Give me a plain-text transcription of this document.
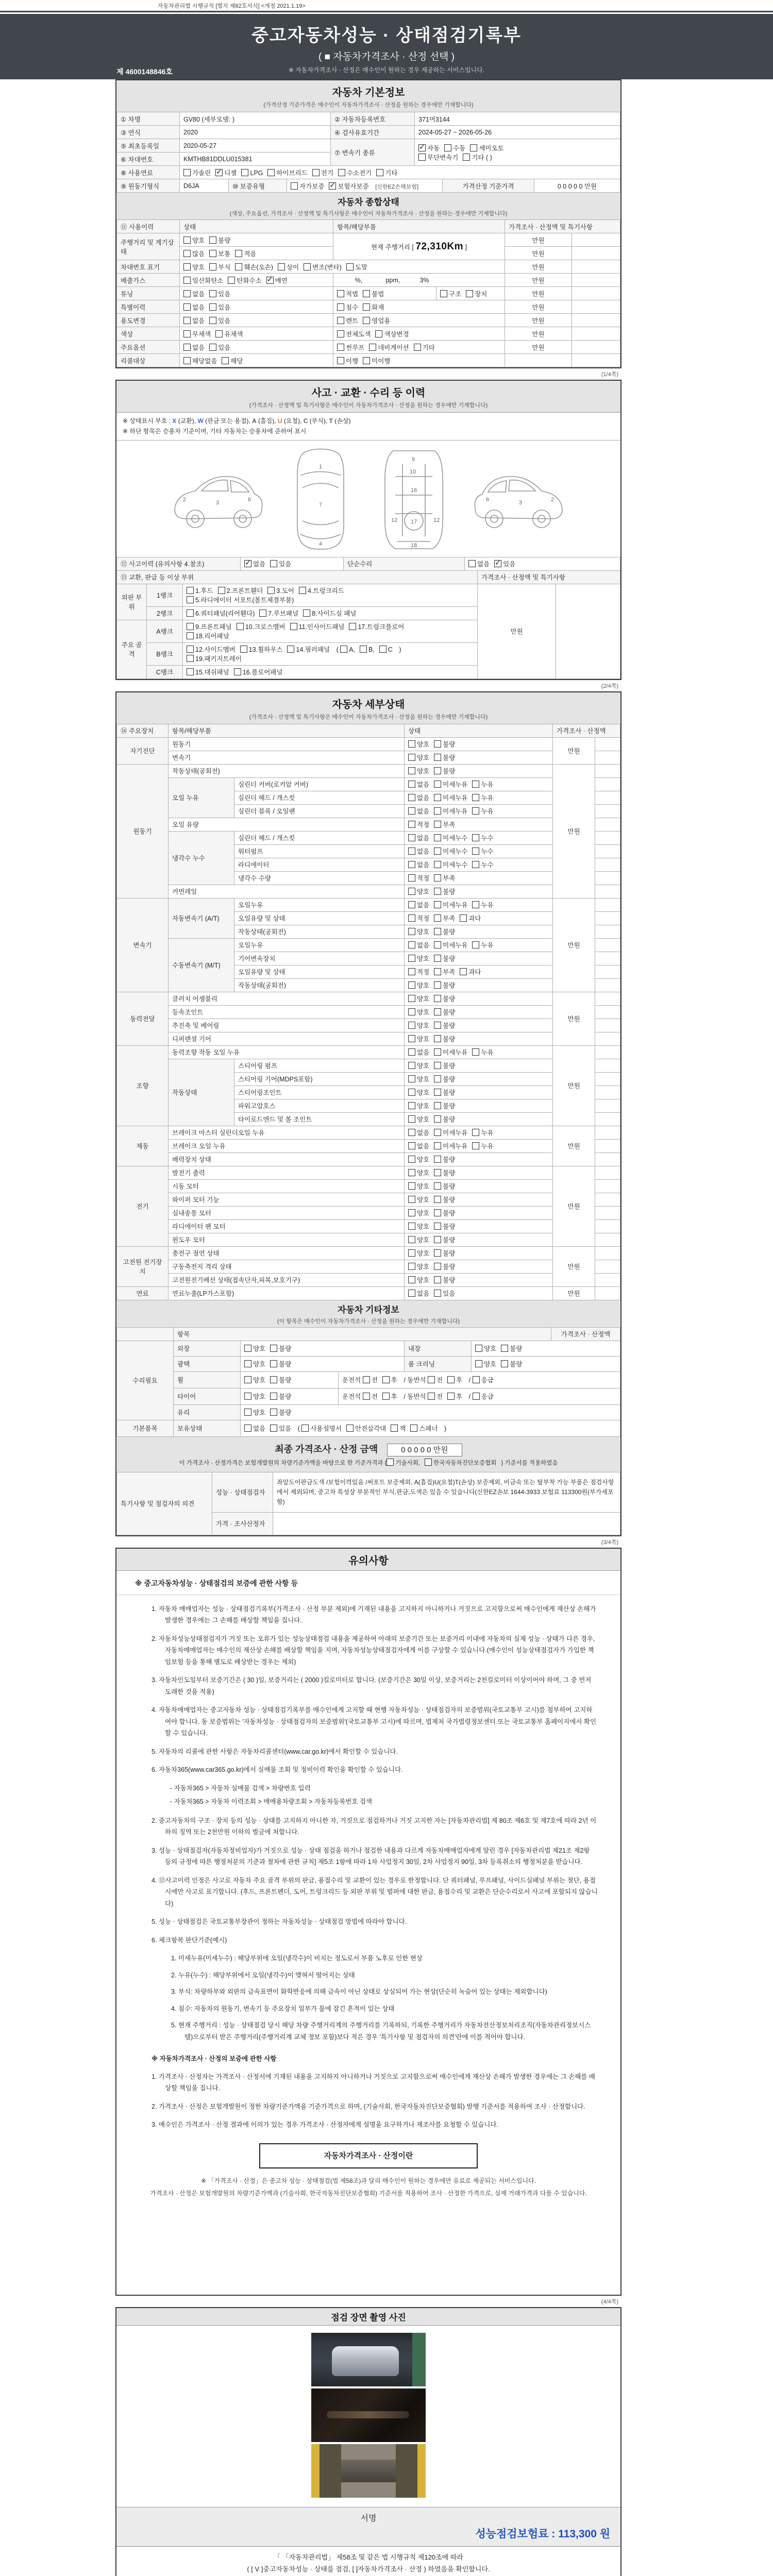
자동차관리법 시행규칙 [별지 제82호서식] <개정 2021.1.19>
중고자동차성능 · 상태점검기록부
( ■ 자동차가격조사 · 산정 선택 )
※ 자동차가격조사 · 산정은 매수인이 원하는 경우 제공하는 서비스입니다.
제 4600148846호
자동차 기본정보
(가격산정 기준가격은 매수인이 자동차가격조사 · 산정을 원하는 경우에만 기재합니다)
① 차명	GV80 (세부모델: )	② 자동차등록번호	371머3144
③ 연식	2020	④ 검사유효기간	2024-05-27 ~ 2026-05-26
⑤ 최초등록일	2020-05-27	⑦ 변속기 종류	
✓자동 수동 세미오토
무단변속기 기타 ( )

⑥ 차대번호	KMTHB81DDLU015381		
⑧ 사용연료	가솔린 ✓ 디젤 LPG 하이브리드 전기 수소전기 기타
⑨ 원동기형식	D6JA	⑩ 보증유형	자가보증 ✓ 보험사보증 [신한EZ손해보험]	가격산정 기준가격	0 0 0 0 0 만원
자동차 종합상태
(색상, 주요옵션, 가격조사 · 산정액 및 특기사항은 매수인이 자동차가격조사 · 산정을 원하는 경우에만 기재합니다)
⑪ 사용이력	상태	항목/해당부품		가격조사 · 산정액 및 특기사항	
주행거리 및 계기상태	양호 불량	현재 주행거리 [ 72,310Km ]		만원	
	많음 보통 적음			만원	
차대번호 표기	양호 부식 훼손(오손) 상이 변조(변타) 도말			만원	
배출가스	일산화탄소 탄화수소 ✓ 매연	%,             ppm,           3%		만원	
튜닝	없음 있음	적법 불법	구조 장치	만원	
특별이력	없음 있음	침수 화재		만원	
용도변경	없음 있음	렌트 영업용		만원	
색상	무채색 유채색	전체도색 색상변경		만원	
주요옵션	없음 있음	썬루프 네비게이션 기타		만원	
리콜대상	해당없음 해당	이행 미이행			
(1/4쪽)
사고 · 교환 · 수리 등 이력
(가격조사 · 산정액 및 특기사항은 매수인이 자동차가격조사 · 산정을 원하는 경우에만 기재합니다)
※ 상태표시 부호 : X (교환), W (판금 또는 용접), A (흠집), U (요철), C (부식), T (손상)
※ 하단 항목은 승용차 기준이며, 기타 자동차는 승용차에 준하여 표시
2	3	6
1
7
4
9
10
16
12 17	12
18
6	3	2
⑫ 사고이력 (유의사항 4.참조)	✓없음 있음	단순수리	없음 ✓ 있음
⑬ 교환, 판금 등 이상 부위			가격조사 · 산정액 및 특기사항	
외판 부위	1랭크	1.후드 2.프론트휀더 3.도어 4.트렁크리드
5.라디에이터 서포트(볼트체결부품)	만원	
	2랭크	6.쿼터패널(리어휀다) 7.루브패널 8.사이드실 패널		
주요 골격	A랭크	9.프론트패널 10.크로스멤버 11.인사이드패널 17.트렁크플로어
18.리어패널		

	B랭크	12.사이드멤버 13.휠하우스 14.필러패널 ( A, B, C )
19.패키지트레이		

	C랭크	15.대쉬패널 16.플로어패널		
(2/4쪽)
자동차 세부상태
(가격조사 · 산정액 및 특기사항은 매수인이 자동차가격조사 · 산정을 원하는 경우에만 기재합니다)
⑭ 주요장치	항목/해당부품		상태	가격조사 · 산정액	
자기진단	원동기		양호 불량	만원	
	변속기		양호 불량		
원동기	작동상태(공회전)		양호 불량	만원	
	오일 누유	실린더 커버(로커암 커버)	없음 미세누유 누유		
		실린더 헤드 / 개스킷	없음 미세누유 누유		
		실린더 블록 / 오일팬	없음 미세누유 누유		
	오일 유량		적정 부족		
	냉각수 누수	실린더 헤드 / 개스킷	없음 미세누수 누수		
		워터펌프	없음 미세누수 누수		
		라디에이터	없음 미세누수 누수		
		냉각수 수량	적정 부족		
	커먼레일		양호 불량		
변속기	자동변속기 (A/T)	오일누유	없음 미세누유 누유	만원	
		오일유량 및 상태	적정 부족 과다		
		작동상태(공회전)	양호 불량		
	수동변속기 (M/T)	오일누유	없음 미세누유 누유		
		기어변속장치	양호 불량		
		오일유량 및 상태	적정 부족 과다		
		작동상태(공회전)	양호 불량		
동력전달	클러치 어셈블리		양호 불량	만원	
	등속조인트		양호 불량		
	추진축 및 베어링		양호 불량		
	디퍼렌셜 기어		양호 불량		
조향	동력조향 작동 오일 누유		없음 미세누유 누유	만원	
	작동상태	스티어링 펌프	양호 불량		
		스티어링 기어(MDPS포함)	양호 불량		
		스티어링조인트	양호 불량		
		파워고압호스	양호 불량		
		타이로드엔드 및 볼 조인트	양호 불량		
제동	브레이크 마스터 실린더오일 누유		없음 미세누유 누유	만원	
	브레이크 오일 누유		없음 미세누유 누유		
	배력장치 상태		양호 불량		
전기	발전기 출력		양호 불량	만원	
	시동 모터		양호 불량		
	와이퍼 모터 기능		양호 불량		
	실내송풍 모터		양호 불량		
	라디에이터 팬 모터		양호 불량		
	윈도우 모터		양호 불량		
고전원 전기장치	충전구 절연 상태		양호 불량	만원	
	구동축전지 격리 상태		양호 불량		
	고전원전기배선 상태(접속단자,피복,보호기구)		양호 불량		
연료	연료누출(LP가스포함)		없음 있음	만원	
자동차 기타정보
(이 항목은 매수인이 자동차가격조사 · 산정을 원하는 경우에만 기재합니다)
	항목					가격조사 · 산정액
수리필요	외장	양호 불량		내장	양호 불량	
	광택	양호 불량		룸 크리닝	양호 불량	
	휠	양호 불량	운전석 전 후 / 동반석 전 후 / 응급			
	타이어	양호 불량	운전석 전 후 / 동반석 전 후 / 응급			
	유리	양호 불량				
기본품목	보유상태	없음 있음 ( 사용설명서 안전삼각대 잭 스패너 )				
최종 가격조사 · 산정 금액	0 0 0 0 0 만원
이 가격조사 · 산정가격은 보험개발원의 차량기준가액을 바탕으로 한 기준가격과 ( 기술사회, 한국자동차진단보증협회 ) 기준서를 적용하였음
특기사항 및 점검자의 의견	성능 · 상태점검자	좌앞도어판금도색 /보험이력있음 /써포트 보증제외, A(흠집)U(요철)T(손상) 보증제외, 비금속 또는 탈부착 가능 부품은 점검사항에서 제외되며, 중고차 특성상 부분적인 부식,판금,도색은 있을 수 있습니다(신한EZ손보 1644-3933 보험료 113300원(부가세포함)
	가격 · 조사산정자	
(3/4쪽)
유의사항
※ 중고자동차성능 · 상태점검의 보증에 관한 사항 등
1. 자동차 매매업자는 성능 · 상태점검기록부(가격조사 · 산정 부분 제외)에 기재된 내용을 고지하지 아니하거나 거짓으로 고지함으로써 매수인에게 재산상 손해가 발생한 경우에는 그 손해를 배상할 책임을 집니다.
2. 자동차성능상태점검자가 거짓 또는 오류가 있는 성능상태점검 내용을 제공하여 아래의 보증기간 또는 보증거리 이내에 자동차의 실제 성능 · 상태가 다른 경우, 자동차매매업자는 매수인의 재산상 손해를 배상할 책임을 지며, 자동차성능상태점검자에게 이를 구상할 수 있습니다.(매수인이 성능상태점검자가 가입한 책임보험 등을 통해 별도로 배상받는 경우는 제외)
3. 자동차인도일부터 보증기간은 ( 30 )일, 보증거리는 ( 2000 )킬로미터로 합니다. (보증기간은 30일 이상, 보증거리는 2천킬로미터 이상이어야 하며, 그 중 먼저 도래한 것을 적용)
4. 자동차매매업자는 중고자동차 성능 · 상태점검기록부를 매수인에게 고지할 때 현행 자동차성능 · 상태점검자의 보증범위(국토교통부 고시)를 첨부하여 고지하여야 합니다. 동 보증범위는 '자동차성능 · 상태점검자의 보증범위'(국토교통부 고시)에 따르며, 법제처 국가법령정보센터 또는 국토교통부 홈페이지에서 확인할 수 있습니다.
5. 자동차의 리콜에 관한 사항은 자동차리콜센터(www.car.go.kr)에서 확인할 수 있습니다.
6. 자동차365(www.car365.go.kr)에서 실매물 조회 및 정비이력 확인을 확인할 수 있습니다.
- 자동차365 > 자동차 실매물 검색 > 차량번호 입력
- 자동차365 > 자동차 이력조회 > 매매용차량조회 > 자동차등록번호 검색
2. 중고자동차의 구조 · 장치 등의 성능 · 상태를 고지하지 아니한 자, 거짓으로 점검하거나 거짓 고지한 자는 [자동차관리법] 제 80조 제6호 및 제7호에 따라 2년 이하의 징역 또는 2천만원 이하의 벌금에 처합니다.
3. 성능 · 상태점검자(자동차정비업자)가 거짓으로 성능 · 상태 점검을 하거나 점검한 내용과 다르게 자동차매매업자에게 알린 경우 [자동차관리법 제21조 제2항 등의 규정에 따른 행정처분의 기준과 절차에 관한 규칙] 제5조 1항에 따라 1차 사업정지 30일, 2차 사업정지 90일, 3차 등록취소의 행정처분을 받습니다.
4. ⑫사고이력 인정은 사고로 자동차 주요 골격 부위의 판금, 용접수리 및 교환이 있는 경우로 한정합니다. 단 쿼터패널, 루프패널, 사이드실패널 부위는 절단, 용접 시에만 사고로 표기합니다. (후드, 프론트펜더, 도어, 트렁크리드 등 외판 부위 및 범퍼에 대한 판금, 용접수리 및 교환은 단순수리로서 사고에 포함되지 않습니다)
5. 성능 · 상태점검은 국토교통부장관이 정하는 자동차성능 · 상태점검 방법에 따라야 합니다.
6. 체크항목 판단기준(예시)
1. 미세누유(미세누수) : 해당부위에 오일(냉각수)이 비치는 정도로서 부품 노후로 인한 현상
2. 누유(누수) : 해당부위에서 오일(냉각수)이 맺혀서 떨어지는 상태
3. 부식: 차량하부와 외판의 금속표면이 화학반응에 의해 금속이 아닌 상태로 상실되어 가는 현상(단순히 녹슬어 있는 상태는 제외합니다)
4. 침수: 자동차의 원동기, 변속기 등 주요장치 일부가 물에 잠긴 흔적이 있는 상태
5. 현재 주행거리 : 성능 · 상태점검 당시 해당 차량 주행거리계의 주행거리를 기록하되, 기록한 주행거리가 자동차전산정보처리조직(자동차관리정보시스템)으로부터 받은 주행거리(주행거리계 교체 정보 포함)보다 적은 경우 '특기사항 및 점검자의 의견'란에 이를 적어야 합니다.
※ 자동차가격조사 · 산정의 보증에 관한 사항
1. 가격조사 · 산정자는 가격조사 · 산정서에 기재된 내용을 고지하지 아니하거나 거짓으로 고지함으로써 매수인에게 재산상 손해가 발생한 경우에는 그 손해를 배상할 책임을 집니다.
2. 가격조사 · 산정은 보험개발원이 정한 차량기준가액을 기준가격으로 하며, (기술사회, 한국자동차진단보증협회) 발행 기준서를 적용하여 조사 · 산정합니다.
3. 매수인은 가격조사 · 산정 결과에 이의가 있는 경우 가격조사 · 산정자에게 설명을 요구하거나 재조사를 요청할 수 있습니다.
자동차가격조사 · 산정이란
※ 「가격조사 · 산정」은 중고차 성능 · 상태점검(법 제58조)과 달리 매수인이 원하는 경우에만 유료로 제공되는 서비스입니다.
가격조사 · 산정은 보험개발원의 차량기준가액과 (기술사회, 한국자동차진단보증협회) 기준서를 적용하여 조사 · 산정한 가격으로, 실제 거래가격과 다를 수 있습니다.
(4/4쪽)
점검 장면 촬영 사진
서명
성능점검보험료 : 113,300 원
「 「자동차관리법」 제58조 및 같은 법 시행규칙 제120조에 따라
( [ V ]중고자동차성능 · 상태를 점검, [ ]자동차가격조사 · 산정 ) 하였음을 확인합니다.
